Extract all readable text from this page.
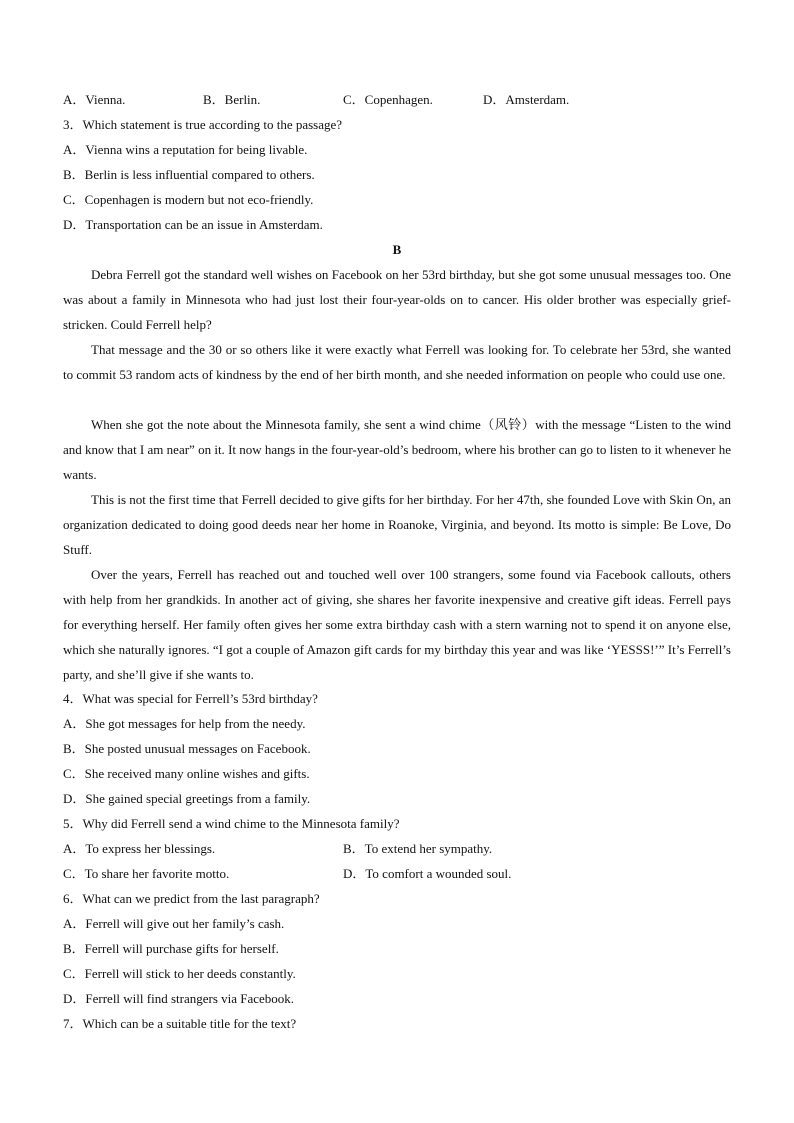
A．Vienna.	B．Berlin.	C．Copenhagen.	D．Amsterdam.
3．Which statement is true according to the passage?
A．Vienna wins a reputation for being livable.
B．Berlin is less influential compared to others.
C．Copenhagen is modern but not eco-friendly.
D．Transportation can be an issue in Amsterdam.
B
Debra Ferrell got the standard well wishes on Facebook on her 53rd birthday, but she got some unusual messages too. One was about a family in Minnesota who had just lost their four-year-olds on to cancer. His older brother was especially grief-stricken. Could Ferrell help?
That message and the 30 or so others like it were exactly what Ferrell was looking for. To celebrate her 53rd, she wanted to commit 53 random acts of kindness by the end of her birth month, and she needed information on people who could use one.
When she got the note about the Minnesota family, she sent a wind chime（风铃）with the message “Listen to the wind and know that I am near” on it. It now hangs in the four-year-old’s bedroom, where his brother can go to listen to it whenever he wants.
This is not the first time that Ferrell decided to give gifts for her birthday. For her 47th, she founded Love with Skin On, an organization dedicated to doing good deeds near her home in Roanoke, Virginia, and beyond. Its motto is simple: Be Love, Do Stuff.
Over the years, Ferrell has reached out and touched well over 100 strangers, some found via Facebook callouts, others with help from her grandkids. In another act of giving, she shares her favorite inexpensive and creative gift ideas. Ferrell pays for everything herself. Her family often gives her some extra birthday cash with a stern warning not to spend it on anyone else, which she naturally ignores. “I got a couple of Amazon gift cards for my birthday this year and was like ‘YESSS!’” It’s Ferrell’s party, and she’ll give if she wants to.
4．What was special for Ferrell’s 53rd birthday?
A．She got messages for help from the needy.
B．She posted unusual messages on Facebook.
C．She received many online wishes and gifts.
D．She gained special greetings from a family.
5．Why did Ferrell send a wind chime to the Minnesota family?
A．To express her blessings.	B．To extend her sympathy.
C．To share her favorite motto.	D．To comfort a wounded soul.
6．What can we predict from the last paragraph?
A．Ferrell will give out her family’s cash.
B．Ferrell will purchase gifts for herself.
C．Ferrell will stick to her deeds constantly.
D．Ferrell will find strangers via Facebook.
7．Which can be a suitable title for the text?
